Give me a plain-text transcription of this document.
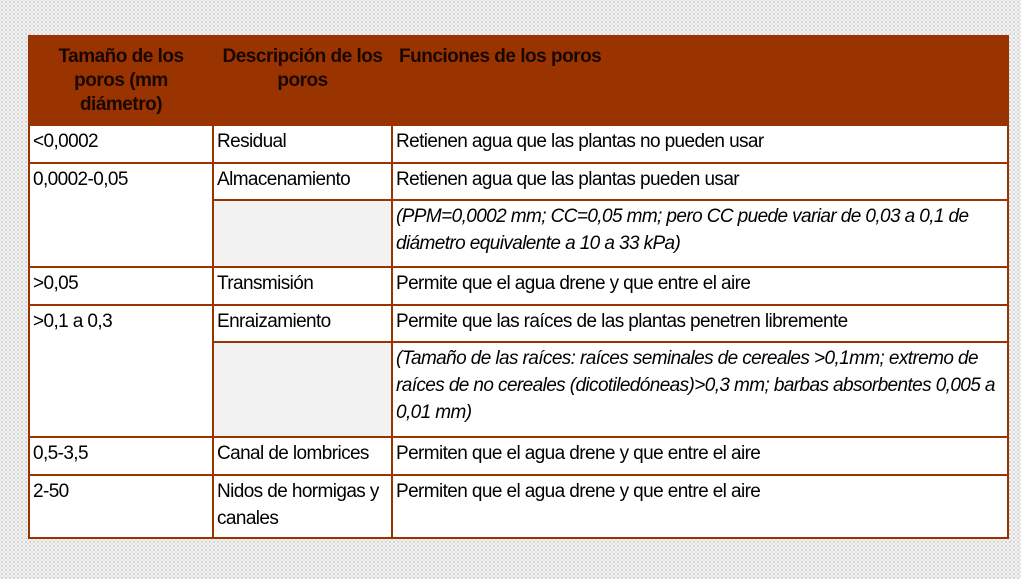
Tamaño de los poros (mm diámetro)	Descripción de los poros	Funciones de los poros
<0,0002	Residual	Retienen agua que las plantas no pueden usar
0,0002-0,05	Almacenamiento	Retienen agua que las plantas pueden usar
		(PPM=0,0002 mm; CC=0,05 mm; pero CC puede variar de 0,03 a 0,1 de diámetro equivalente a 10 a 33 kPa)
>0,05	Transmisión	Permite que el agua drene y que entre el aire
>0,1 a 0,3	Enraizamiento	Permite que las raíces de las plantas penetren libremente
		(Tamaño de las raíces: raíces seminales de cereales >0,1mm; extremo de raíces de no cereales (dicotiledóneas)>0,3 mm; barbas absorbentes 0,005 a 0,01 mm)
0,5-3,5	Canal de lombrices	Permiten que el agua drene y que entre el aire
2-50	Nidos de hormigas y canales	Permiten que el agua drene y que entre el aire
